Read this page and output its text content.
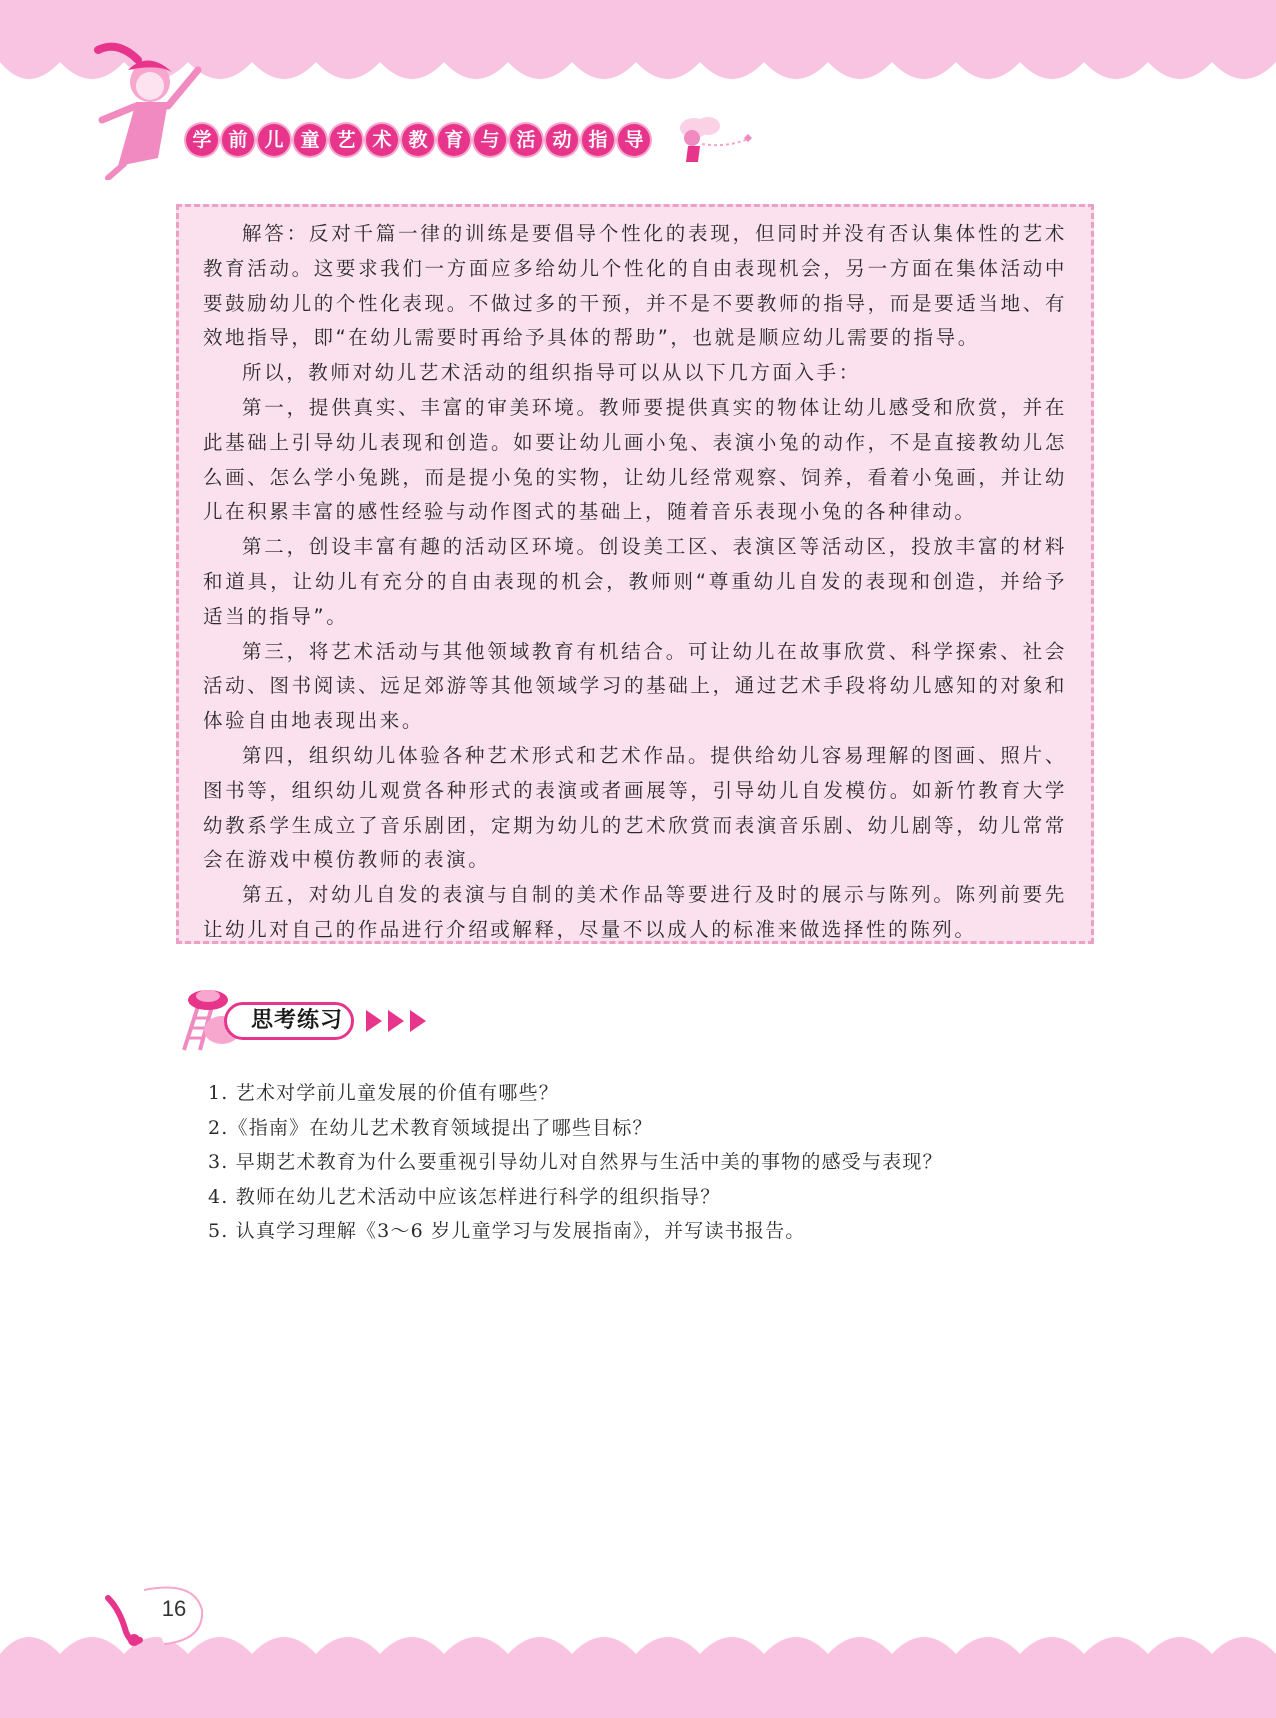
学 前 儿 童 艺 术 教 育 与 活 动 指 导

解答：反对千篇一律的训练是要倡导个性化的表现，但同时并没有否认集体性的艺术教育活动。这要求我们一方面应多给幼儿个性化的自由表现机会，另一方面在集体活动中要鼓励幼儿的个性化表现。不做过多的干预，并不是不要教师的指导，而是要适当地、有效地指导，即“在幼儿需要时再给予具体的帮助”，也就是顺应幼儿需要的指导。

所以，教师对幼儿艺术活动的组织指导可以从以下几方面入手：

第一，提供真实、丰富的审美环境。教师要提供真实的物体让幼儿感受和欣赏，并在此基础上引导幼儿表现和创造。如要让幼儿画小兔、表演小兔的动作，不是直接教幼儿怎么画、怎么学小兔跳，而是提小兔的实物，让幼儿经常观察、饲养，看着小兔画，并让幼儿在积累丰富的感性经验与动作图式的基础上，随着音乐表现小兔的各种律动。

第二，创设丰富有趣的活动区环境。创设美工区、表演区等活动区，投放丰富的材料和道具，让幼儿有充分的自由表现的机会，教师则“尊重幼儿自发的表现和创造，并给予适当的指导”。

第三，将艺术活动与其他领域教育有机结合。可让幼儿在故事欣赏、科学探索、社会活动、图书阅读、远足郊游等其他领域学习的基础上，通过艺术手段将幼儿感知的对象和体验自由地表现出来。

第四，组织幼儿体验各种艺术形式和艺术作品。提供给幼儿容易理解的图画、照片、图书等，组织幼儿观赏各种形式的表演或者画展等，引导幼儿自发模仿。如新竹教育大学幼教系学生成立了音乐剧团，定期为幼儿的艺术欣赏而表演音乐剧、幼儿剧等，幼儿常常会在游戏中模仿教师的表演。

第五，对幼儿自发的表演与自制的美术作品等要进行及时的展示与陈列。陈列前要先让幼儿对自己的作品进行介绍或解释，尽量不以成人的标准来做选择性的陈列。

思考练习
1. 艺术对学前儿童发展的价值有哪些？
2.《指南》在幼儿艺术教育领域提出了哪些目标？
3. 早期艺术教育为什么要重视引导幼儿对自然界与生活中美的事物的感受与表现？
4. 教师在幼儿艺术活动中应该怎样进行科学的组织指导？
5. 认真学习理解《3～6 岁儿童学习与发展指南》，并写读书报告。
16
